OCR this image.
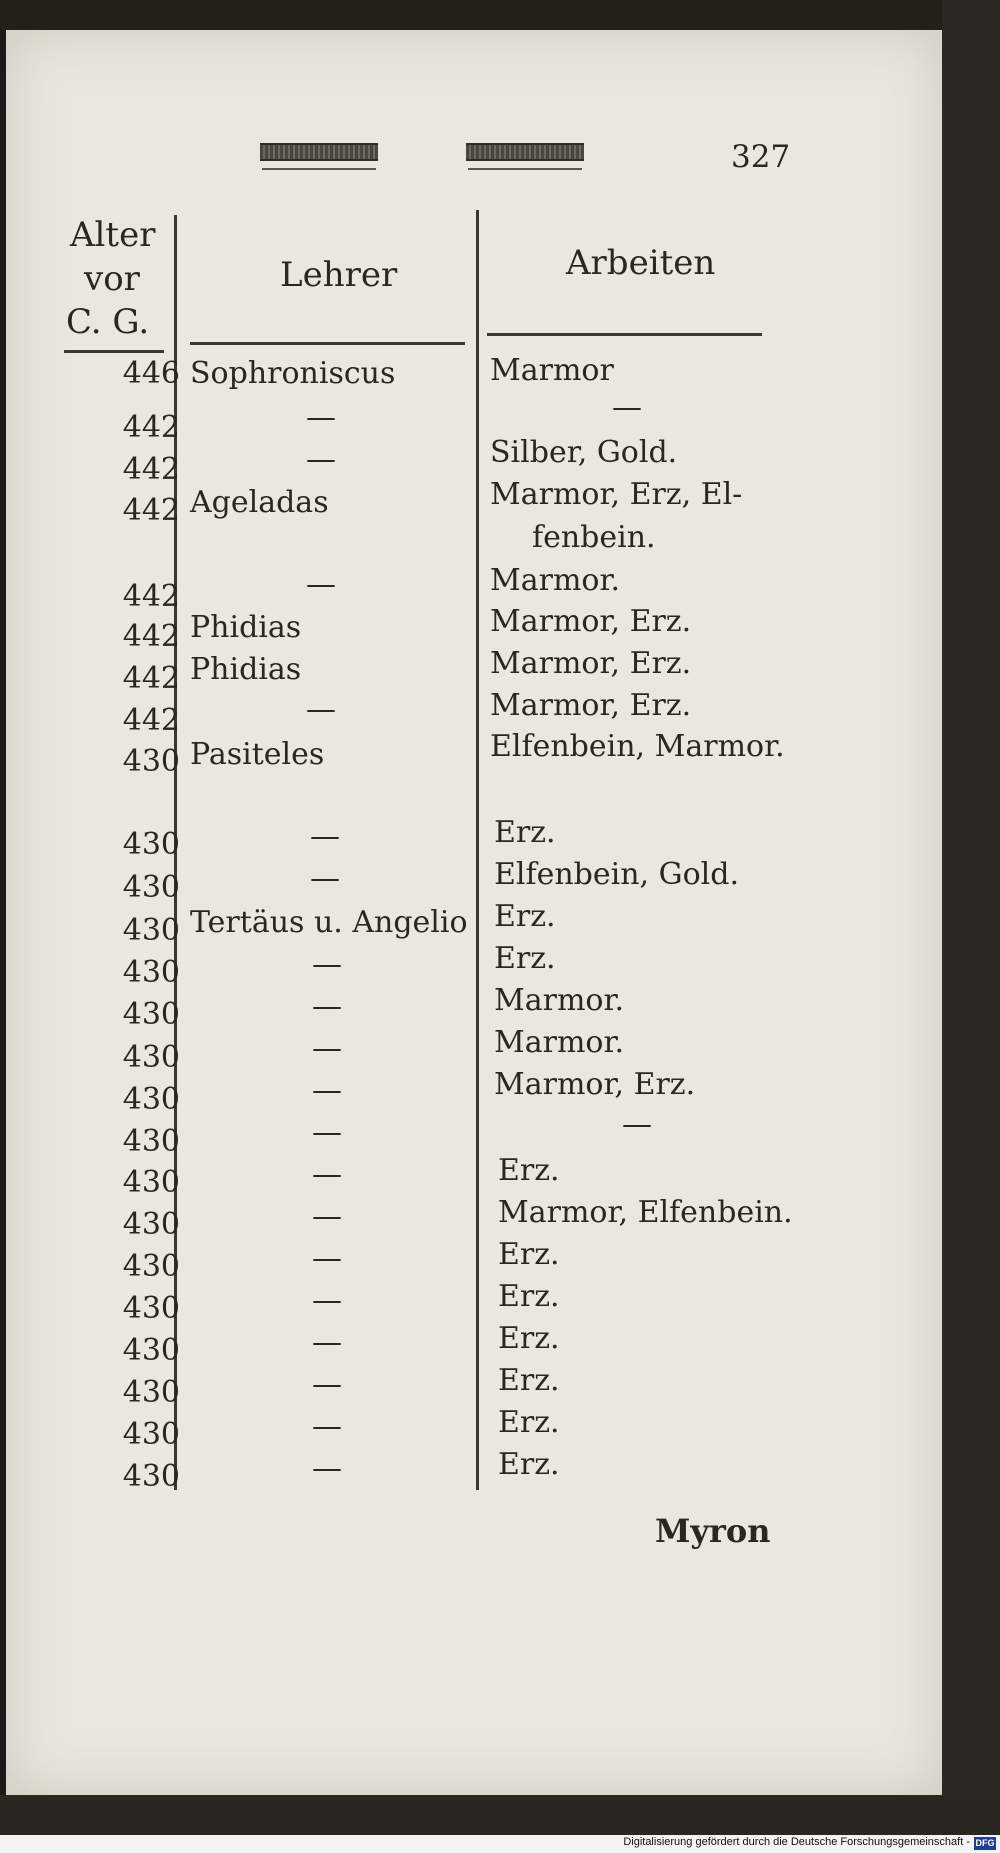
327
Alter
vor
C. G.
Lehrer	Arbeiten
446
442
442
442
442
442
442
442
430
430
430
430
430
430
430
430
430
430
430
430
430
430
430
430
430
Sophroniscus
—
—
Ageladas
—
Phidias
Phidias
—
Pasiteles
—
—
Tertäus u. Angelio
—
—
—
—
—
—
—
—
—
—
—
—
—
Marmor
—
Silber, Gold.
Marmor, Erz, El-
fenbein.
Marmor.
Marmor, Erz.
Marmor, Erz.
Marmor, Erz.
Elfenbein, Marmor.
Erz.
Elfenbein, Gold.
Erz.
Erz.
Marmor.
Marmor.
Marmor, Erz.
—
Erz.
Marmor, Elfenbein.
Erz.
Erz.
Erz.
Erz.
Erz.
Erz.
Myron
Digitalisierung gefördert durch die Deutsche Forschungsgemeinschaft - DFG
